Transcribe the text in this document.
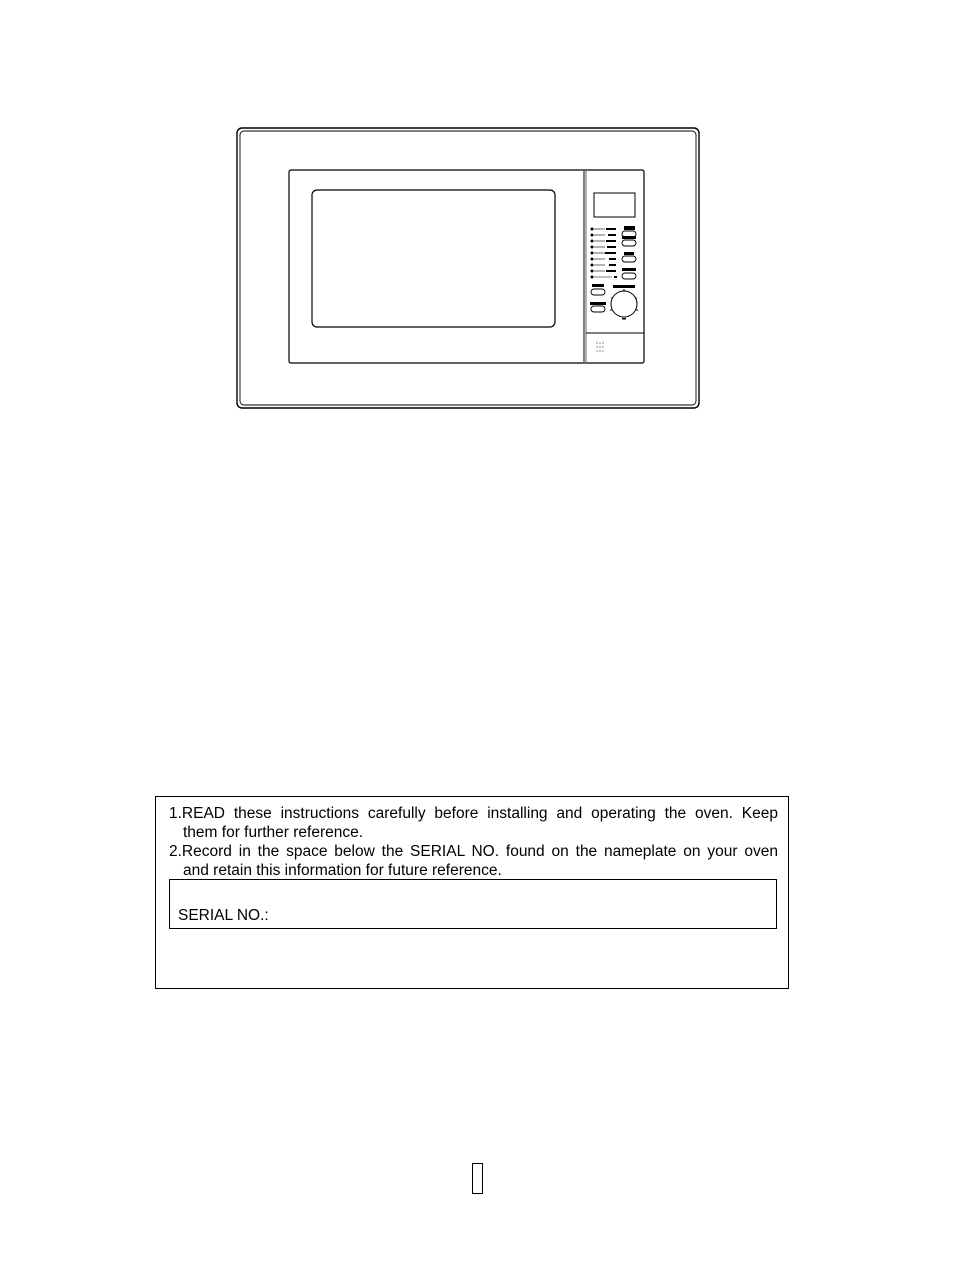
1.READ these instructions carefully before installing and operating the oven. Keep
them for further reference.
2.Record in the space below the SERIAL NO. found on the nameplate on your oven
and retain this information for future reference.
SERIAL NO.:
